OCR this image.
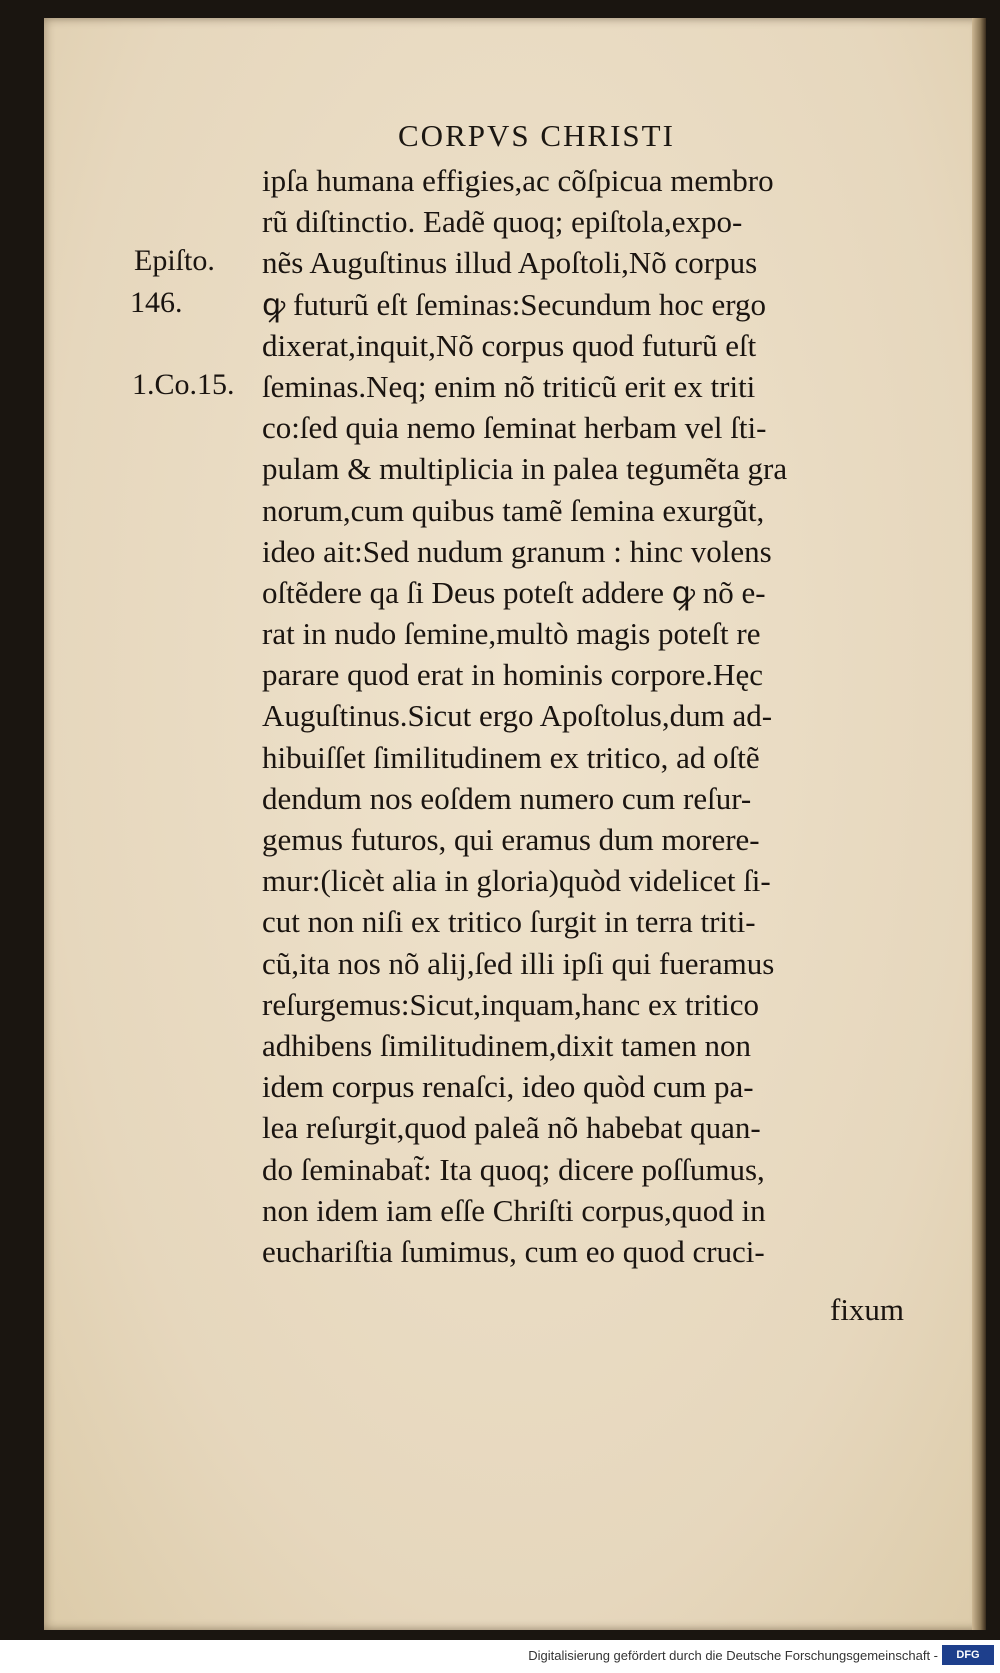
CORPVS CHRISTI
Epiſto.
146.
1.Co.15.
ipſa humana effigies,ac cõſpicua membro
rũ diſtinctio. Eadẽ quoq; epiſtola,expo-
nẽs Auguſtinus illud Apoſtoli,Nõ corpus
ꝙ futurũ eſt ſeminas:Secundum hoc ergo
dixerat,inquit,Nõ corpus quod futurũ eſt
ſeminas.Neq; enim nõ triticũ erit ex triti
co:ſed quia nemo ſeminat herbam vel ſti-
pulam & multiplicia in palea tegumẽta gra
norum,cum quibus tamẽ ſemina exurgũt,
ideo ait:Sed nudum granum : hinc volens
oſtẽdere qa ſi Deus poteſt addere ꝙ nõ e-
rat in nudo ſemine,multò magis poteſt re
parare quod erat in hominis corpore.Hęc
Auguſtinus.Sicut ergo Apoſtolus,dum ad-
hibuiſſet ſimilitudinem ex tritico, ad oſtẽ
dendum nos eoſdem numero cum reſur-
gemus futuros, qui eramus dum morere-
mur:(licèt alia in gloria)quòd videlicet ſi-
cut non niſi ex tritico ſurgit in terra triti-
cũ,ita nos nõ alij,ſed illi ipſi qui fueramus
reſurgemus:Sicut,inquam,hanc ex tritico
adhibens ſimilitudinem,dixit tamen non
idem corpus renaſci, ideo quòd cum pa-
lea reſurgit,quod paleã nõ habebat quan-
do ſeminabat̃: Ita quoq; dicere poſſumus,
non idem iam eſſe Chriſti corpus,quod in
euchariſtia ſumimus, cum eo quod cruci-
fixum
Digitalisierung gefördert durch die Deutsche Forschungsgemeinschaft -	DFG
